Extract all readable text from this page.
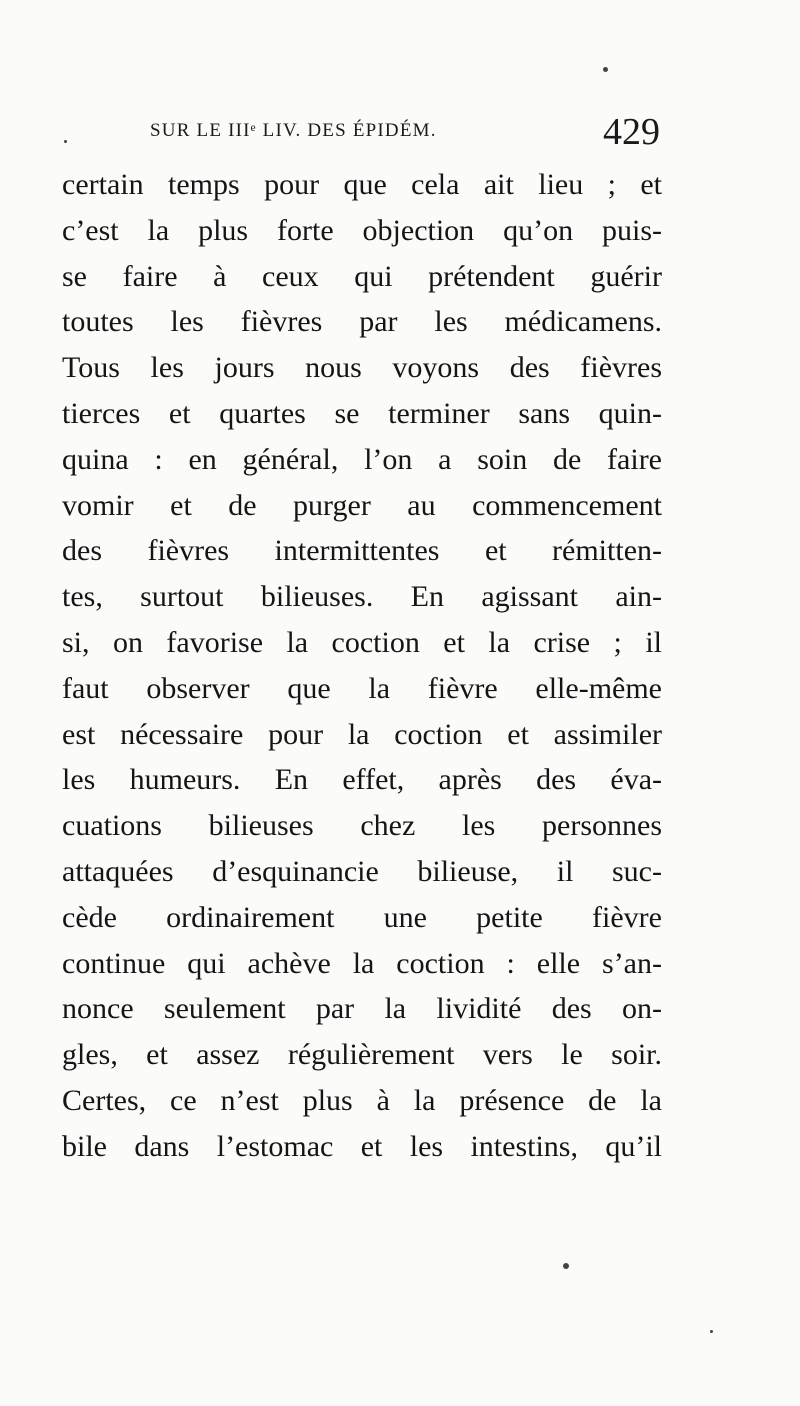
SUR LE IIIᵉ LIV. DES ÉPIDÉM.	429
certain temps pour que cela ait lieu ; et
c’est la plus forte objection qu’on puis-
se faire à ceux qui prétendent guérir
toutes les fièvres par les médicamens.
Tous les jours nous voyons des fièvres
tierces et quartes se terminer sans quin-
quina : en général, l’on a soin de faire
vomir et de purger au commencement
des fièvres intermittentes et rémitten-
tes, surtout bilieuses. En agissant ain-
si, on favorise la coction et la crise ; il
faut observer que la fièvre elle-même
est nécessaire pour la coction et assimiler
les humeurs. En effet, après des éva-
cuations bilieuses chez les personnes
attaquées d’esquinancie bilieuse, il suc-
cède ordinairement une petite fièvre
continue qui achève la coction : elle s’an-
nonce seulement par la lividité des on-
gles, et assez régulièrement vers le soir.
Certes, ce n’est plus à la présence de la
bile dans l’estomac et les intestins, qu’il
